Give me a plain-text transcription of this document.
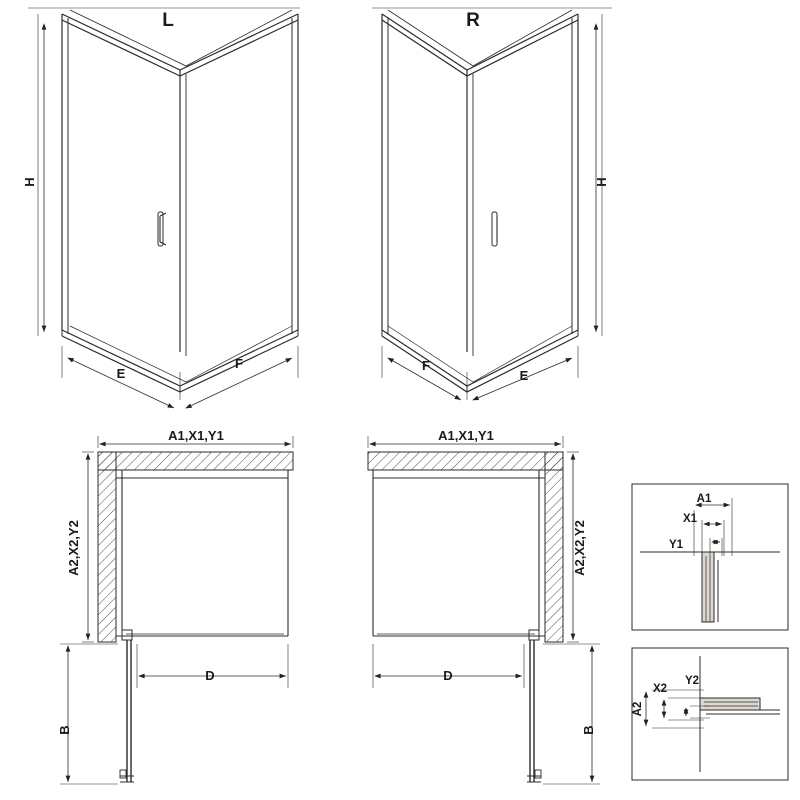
L	R
H	H
E
F	F
E
A1,X1,Y1
A2,X2,Y2
D
B
A1,X1,Y1
A2,X2,Y2
D
B
A1
X1
Y1
A2
X2
Y2
